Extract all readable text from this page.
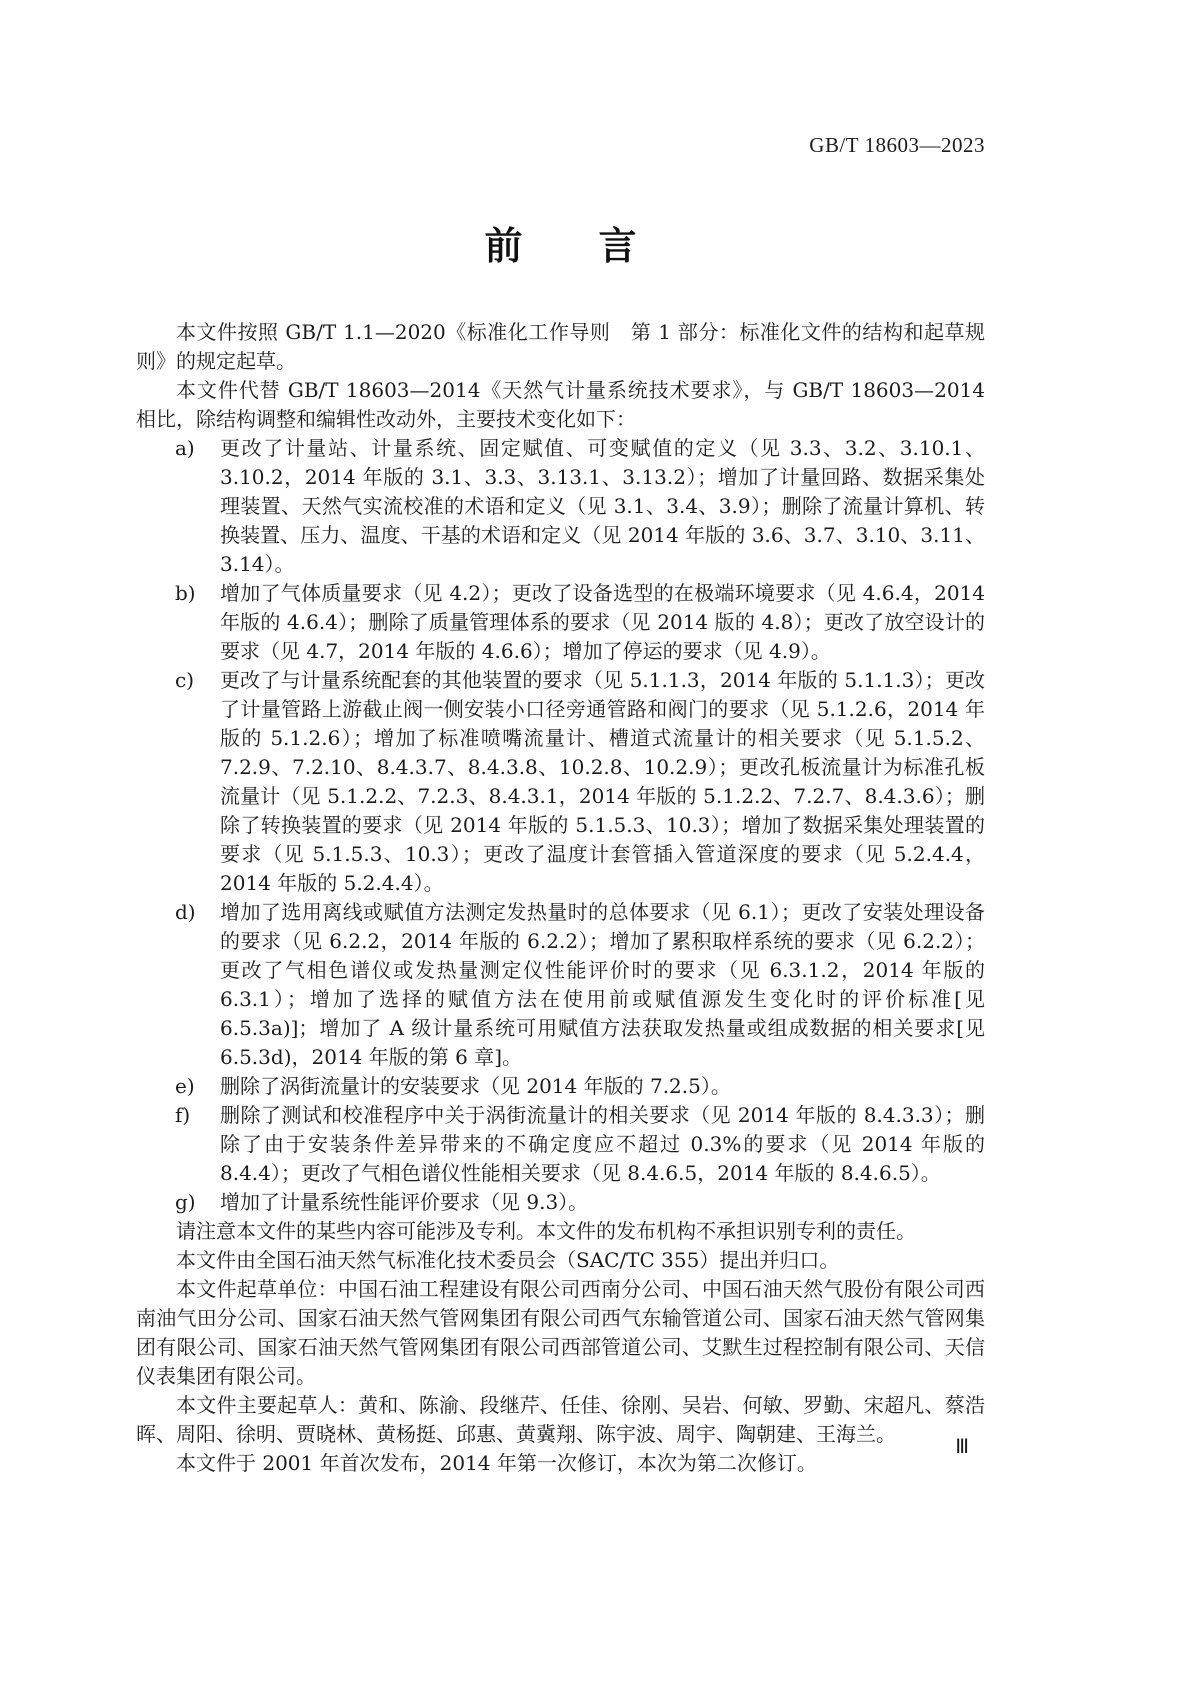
GB/T 18603—2023
前　　言

本文件按照 GB/T 1.1—2020《标准化工作导则　第 1 部分：标准化文件的结构和起草规则》的规定起草。

本文件代替 GB/T 18603—2014《天然气计量系统技术要求》，与 GB/T 18603—2014 相比，除结构调整和编辑性改动外，主要技术变化如下：

a) 更改了计量站、计量系统、固定赋值、可变赋值的定义（见 3.3、3.2、3.10.1、3.10.2，2014 年版的 3.1、3.3、3.13.1、3.13.2）；增加了计量回路、数据采集处理装置、天然气实流校准的术语和定义（见 3.1、3.4、3.9）；删除了流量计算机、转换装置、压力、温度、干基的术语和定义（见 2014 年版的 3.6、3.7、3.10、3.11、3.14）。
b) 增加了气体质量要求（见 4.2）；更改了设备选型的在极端环境要求（见 4.6.4，2014 年版的 4.6.4）；删除了质量管理体系的要求（见 2014 版的 4.8）；更改了放空设计的要求（见 4.7，2014 年版的 4.6.6）；增加了停运的要求（见 4.9）。
c) 更改了与计量系统配套的其他装置的要求（见 5.1.1.3，2014 年版的 5.1.1.3）；更改了计量管路上游截止阀一侧安装小口径旁通管路和阀门的要求（见 5.1.2.6，2014 年版的 5.1.2.6）；增加了标准喷嘴流量计、槽道式流量计的相关要求（见 5.1.5.2、7.2.9、7.2.10、8.4.3.7、8.4.3.8、10.2.8、10.2.9）；更改孔板流量计为标准孔板流量计（见 5.1.2.2、7.2.3、8.4.3.1，2014 年版的 5.1.2.2、7.2.7、8.4.3.6）；删除了转换装置的要求（见 2014 年版的 5.1.5.3、10.3）；增加了数据采集处理装置的要求（见 5.1.5.3、10.3）；更改了温度计套管插入管道深度的要求（见 5.2.4.4，2014 年版的 5.2.4.4）。
d) 增加了选用离线或赋值方法测定发热量时的总体要求（见 6.1）；更改了安装处理设备的要求（见 6.2.2，2014 年版的 6.2.2）；增加了累积取样系统的要求（见 6.2.2）；更改了气相色谱仪或发热量测定仪性能评价时的要求（见 6.3.1.2，2014 年版的 6.3.1）；增加了选择的赋值方法在使用前或赋值源发生变化时的评价标准[见 6.5.3a)]；增加了 A 级计量系统可用赋值方法获取发热量或组成数据的相关要求[见 6.5.3d)，2014 年版的第 6 章]。
e) 删除了涡街流量计的安装要求（见 2014 年版的 7.2.5）。
f) 删除了测试和校准程序中关于涡街流量计的相关要求（见 2014 年版的 8.4.3.3）；删除了由于安装条件差异带来的不确定度应不超过 0.3%的要求（见 2014 年版的 8.4.4）；更改了气相色谱仪性能相关要求（见 8.4.6.5，2014 年版的 8.4.6.5）。
g) 增加了计量系统性能评价要求（见 9.3）。

请注意本文件的某些内容可能涉及专利。本文件的发布机构不承担识别专利的责任。

本文件由全国石油天然气标准化技术委员会（SAC/TC 355）提出并归口。

本文件起草单位：中国石油工程建设有限公司西南分公司、中国石油天然气股份有限公司西南油气田分公司、国家石油天然气管网集团有限公司西气东输管道公司、国家石油天然气管网集团有限公司、国家石油天然气管网集团有限公司西部管道公司、艾默生过程控制有限公司、天信仪表集团有限公司。

本文件主要起草人：黄和、陈渝、段继芹、任佳、徐刚、吴岩、何敏、罗勤、宋超凡、蔡浩晖、周阳、徐明、贾晓林、黄杨挺、邱惠、黄冀翔、陈宇波、周宇、陶朝建、王海兰。

本文件于 2001 年首次发布，2014 年第一次修订，本次为第二次修订。

Ⅲ
